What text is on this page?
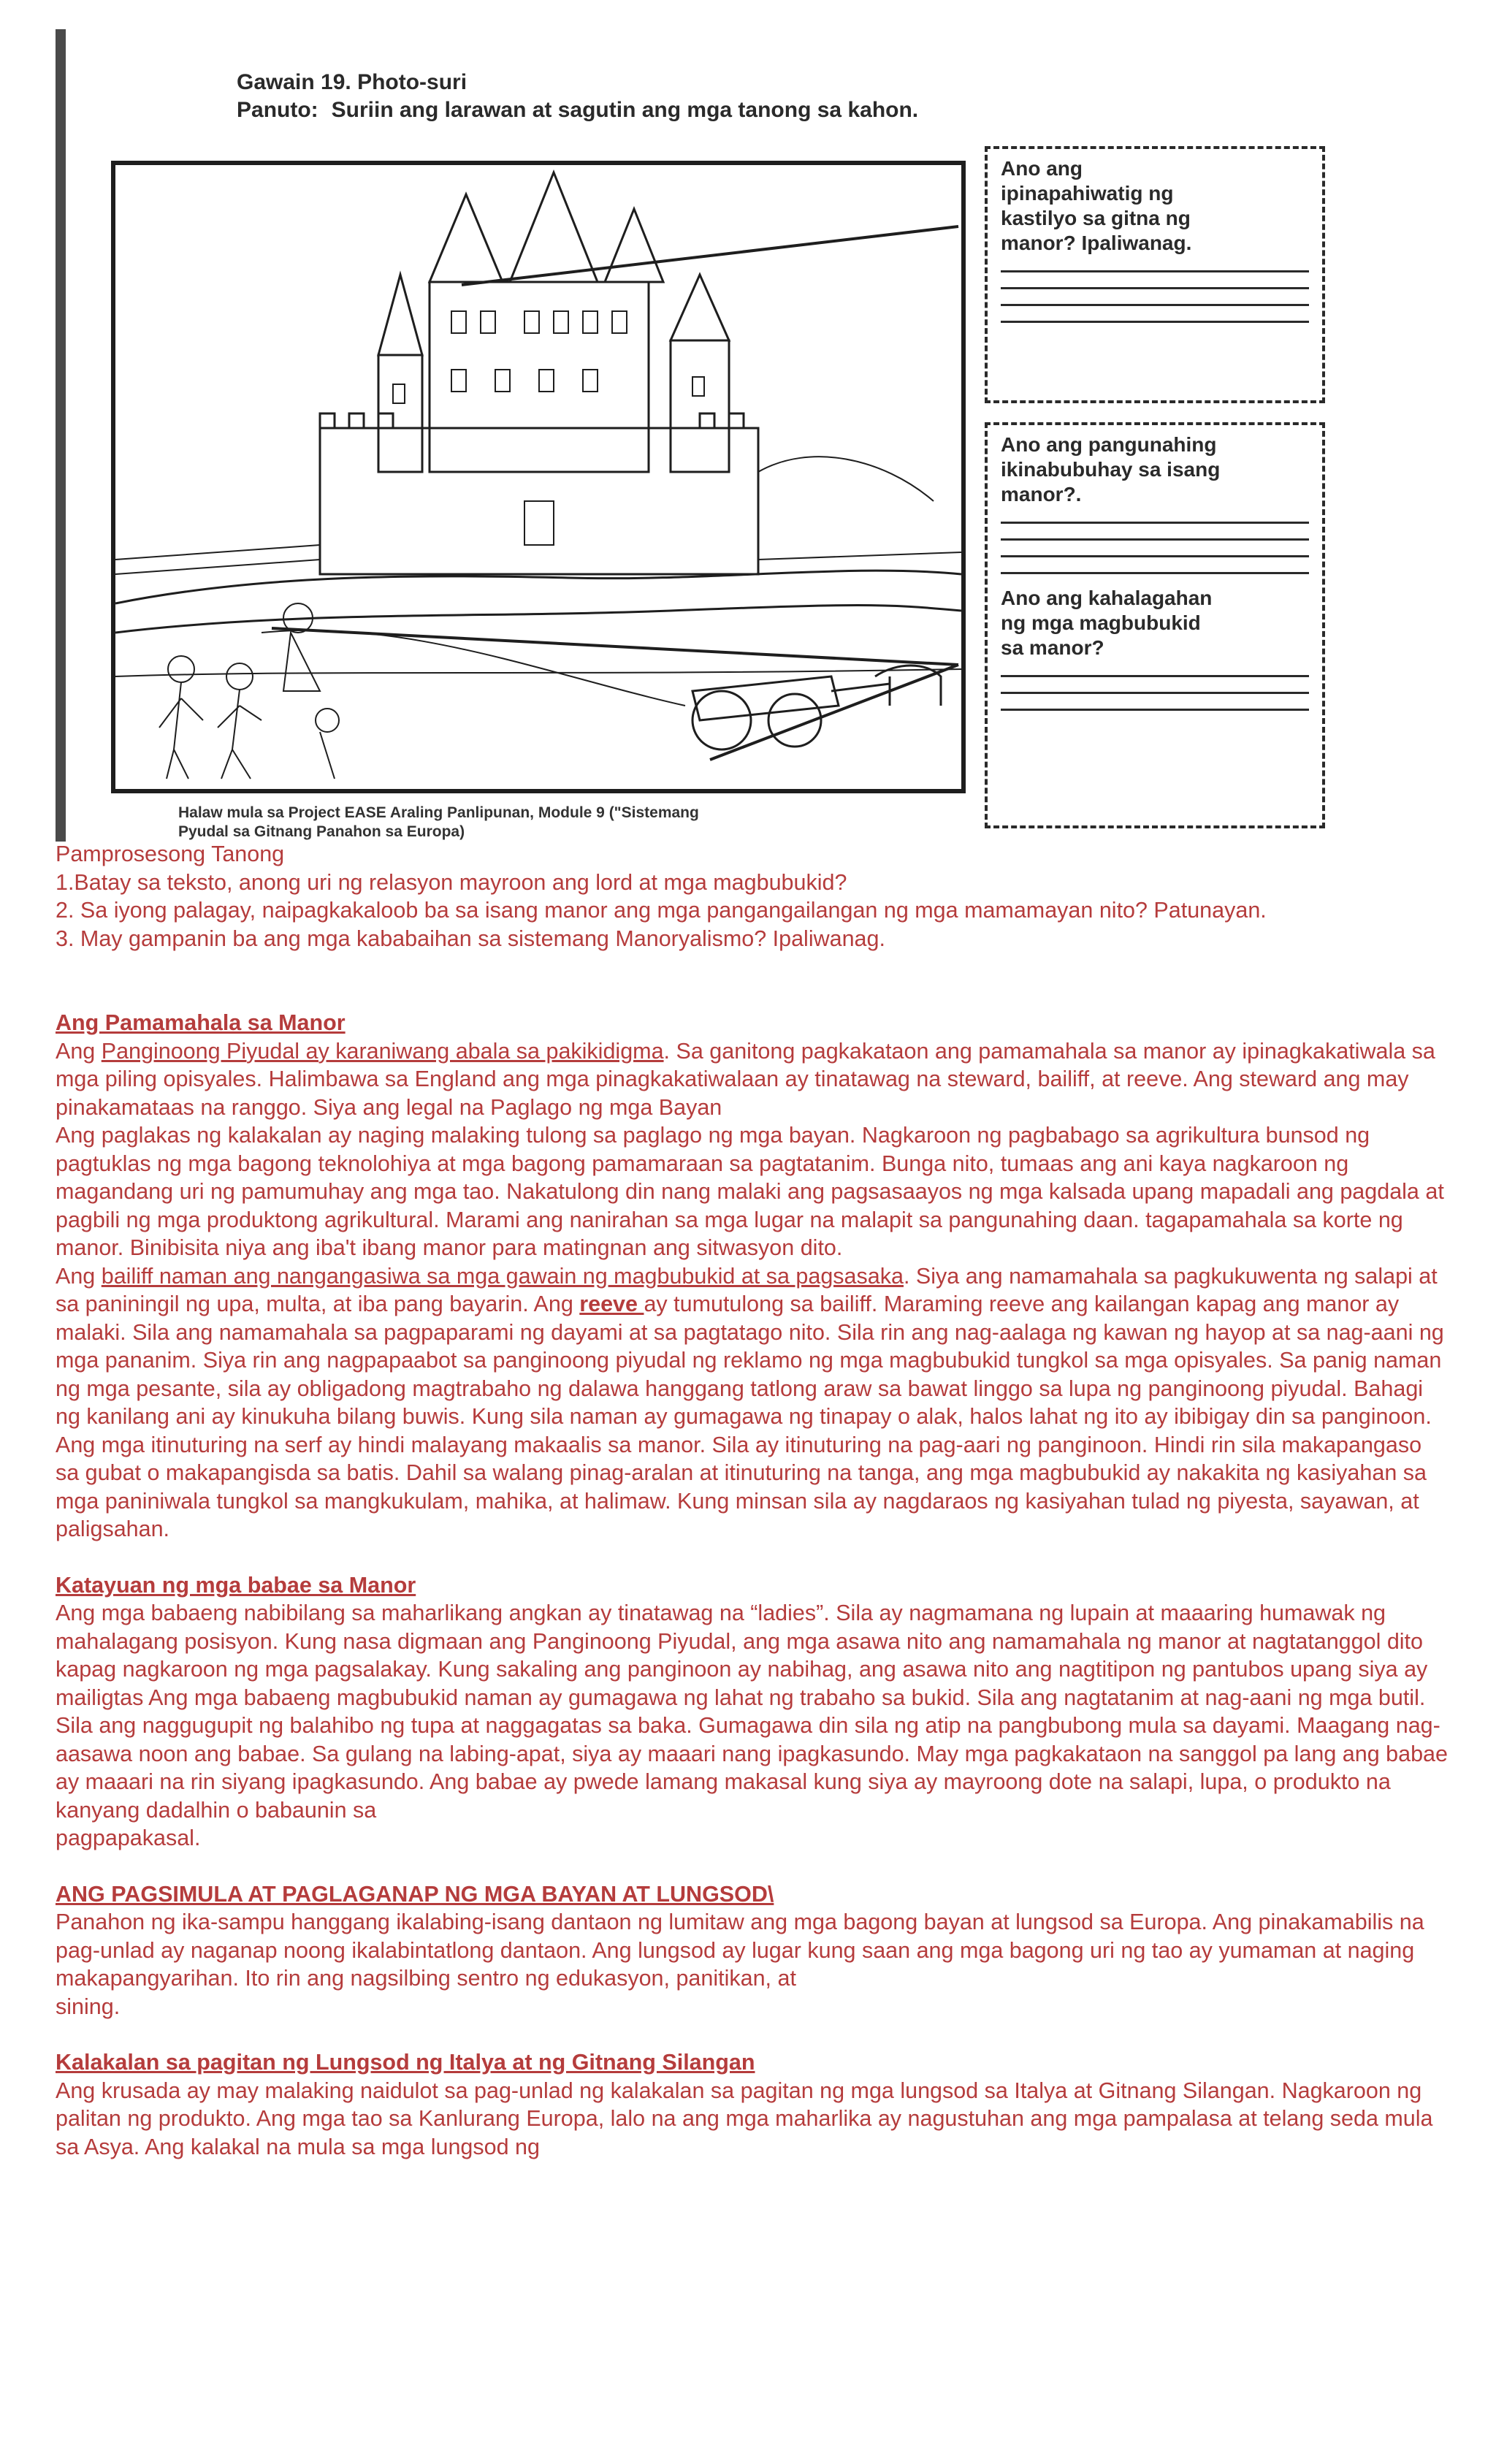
Gawain 19. Photo-suri
Panuto: Suriin ang larawan at sagutin ang mga tanong sa kahon.
Ano ang
ipinapahiwatig ng
kastilyo sa gitna ng
manor? Ipaliwanag.
Ano ang pangunahing
ikinabubuhay sa isang
manor?.
Ano ang kahalagahan
ng mga magbubukid
sa manor?
Halaw mula sa Project EASE Araling Panlipunan, Module 9 ("Sistemang
Pyudal sa Gitnang Panahon sa Europa)

Pamprosesong Tanong

1.Batay sa teksto, anong uri ng relasyon mayroon ang lord at mga magbubukid?

2. Sa iyong palagay, naipagkakaloob ba sa isang manor ang mga pangangailangan ng mga mamamayan nito? Patunayan.

3. May gampanin ba ang mga kababaihan sa sistemang Manoryalismo? Ipaliwanag.

Ang Pamamahala sa Manor

Ang Panginoong Piyudal ay karaniwang abala sa pakikidigma. Sa ganitong pagkakataon ang pamamahala sa manor ay ipinagkakatiwala sa mga piling opisyales. Halimbawa sa England ang mga pinagkakatiwalaan ay tinatawag na steward, bailiff, at reeve. Ang steward ang may pinakamataas na ranggo. Siya ang legal na Paglago ng mga Bayan

Ang paglakas ng kalakalan ay naging malaking tulong sa paglago ng mga bayan. Nagkaroon ng pagbabago sa agrikultura bunsod ng pagtuklas ng mga bagong teknolohiya at mga bagong pamamaraan sa pagtatanim. Bunga nito, tumaas ang ani kaya nagkaroon ng magandang uri ng pamumuhay ang mga tao. Nakatulong din nang malaki ang pagsasaayos ng mga kalsada upang mapadali ang pagdala at pagbili ng mga produktong agrikultural. Marami ang nanirahan sa mga lugar na malapit sa pangunahing daan. tagapamahala sa korte ng manor. Binibisita niya ang iba't ibang manor para matingnan ang sitwasyon dito.

Ang bailiff naman ang nangangasiwa sa mga gawain ng magbubukid at sa pagsasaka. Siya ang namamahala sa pagkukuwenta ng salapi at sa paniningil ng upa, multa, at iba pang bayarin. Ang reeve ay tumutulong sa bailiff. Maraming reeve ang kailangan kapag ang manor ay malaki. Sila ang namamahala sa pagpaparami ng dayami at sa pagtatago nito. Sila rin ang nag-aalaga ng kawan ng hayop at sa nag-aani ng mga pananim. Siya rin ang nagpapaabot sa panginoong piyudal ng reklamo ng mga magbubukid tungkol sa mga opisyales. Sa panig naman ng mga pesante, sila ay obligadong magtrabaho ng dalawa hanggang tatlong araw sa bawat linggo sa lupa ng panginoong piyudal. Bahagi ng kanilang ani ay kinukuha bilang buwis. Kung sila naman ay gumagawa ng tinapay o alak, halos lahat ng ito ay ibibigay din sa panginoon. Ang mga itinuturing na serf ay hindi malayang makaalis sa manor. Sila ay itinuturing na pag-aari ng panginoon. Hindi rin sila makapangaso sa gubat o makapangisda sa batis. Dahil sa walang pinag-aralan at itinuturing na tanga, ang mga magbubukid ay nakakita ng kasiyahan sa mga paniniwala tungkol sa mangkukulam, mahika, at halimaw. Kung minsan sila ay nagdaraos ng kasiyahan tulad ng piyesta, sayawan, at paligsahan.

Katayuan ng mga babae sa Manor

Ang mga babaeng nabibilang sa maharlikang angkan ay tinatawag na “ladies”. Sila ay nagmamana ng lupain at maaaring humawak ng mahalagang posisyon. Kung nasa digmaan ang Panginoong Piyudal, ang mga asawa nito ang namamahala ng manor at nagtatanggol dito kapag nagkaroon ng mga pagsalakay. Kung sakaling ang panginoon ay nabihag, ang asawa nito ang nagtitipon ng pantubos upang siya ay mailigtas Ang mga babaeng magbubukid naman ay gumagawa ng lahat ng trabaho sa bukid. Sila ang nagtatanim at nag-aani ng mga butil. Sila ang naggugupit ng balahibo ng tupa at naggagatas sa baka. Gumagawa din sila ng atip na pangbubong mula sa dayami. Maagang nag-aasawa noon ang babae. Sa gulang na labing-apat, siya ay maaari nang ipagkasundo. May mga pagkakataon na sanggol pa lang ang babae ay maaari na rin siyang ipagkasundo. Ang babae ay pwede lamang makasal kung siya ay mayroong dote na salapi, lupa, o produkto na kanyang dadalhin o babaunin sa

pagpapakasal.

ANG PAGSIMULA AT PAGLAGANAP NG MGA BAYAN AT LUNGSOD\

Panahon ng ika-sampu hanggang ikalabing-isang dantaon ng lumitaw ang mga bagong bayan at lungsod sa Europa. Ang pinakamabilis na pag-unlad ay naganap noong ikalabintatlong dantaon. Ang lungsod ay lugar kung saan ang mga bagong uri ng tao ay yumaman at naging makapangyarihan. Ito rin ang nagsilbing sentro ng edukasyon, panitikan, at

sining.

Kalakalan sa pagitan ng Lungsod ng Italya at ng Gitnang Silangan

Ang krusada ay may malaking naidulot sa pag-unlad ng kalakalan sa pagitan ng mga lungsod sa Italya at Gitnang Silangan. Nagkaroon ng palitan ng produkto. Ang mga tao sa Kanlurang Europa, lalo na ang mga maharlika ay nagustuhan ang mga pampalasa at telang seda mula sa Asya. Ang kalakal na mula sa mga lungsod ng
